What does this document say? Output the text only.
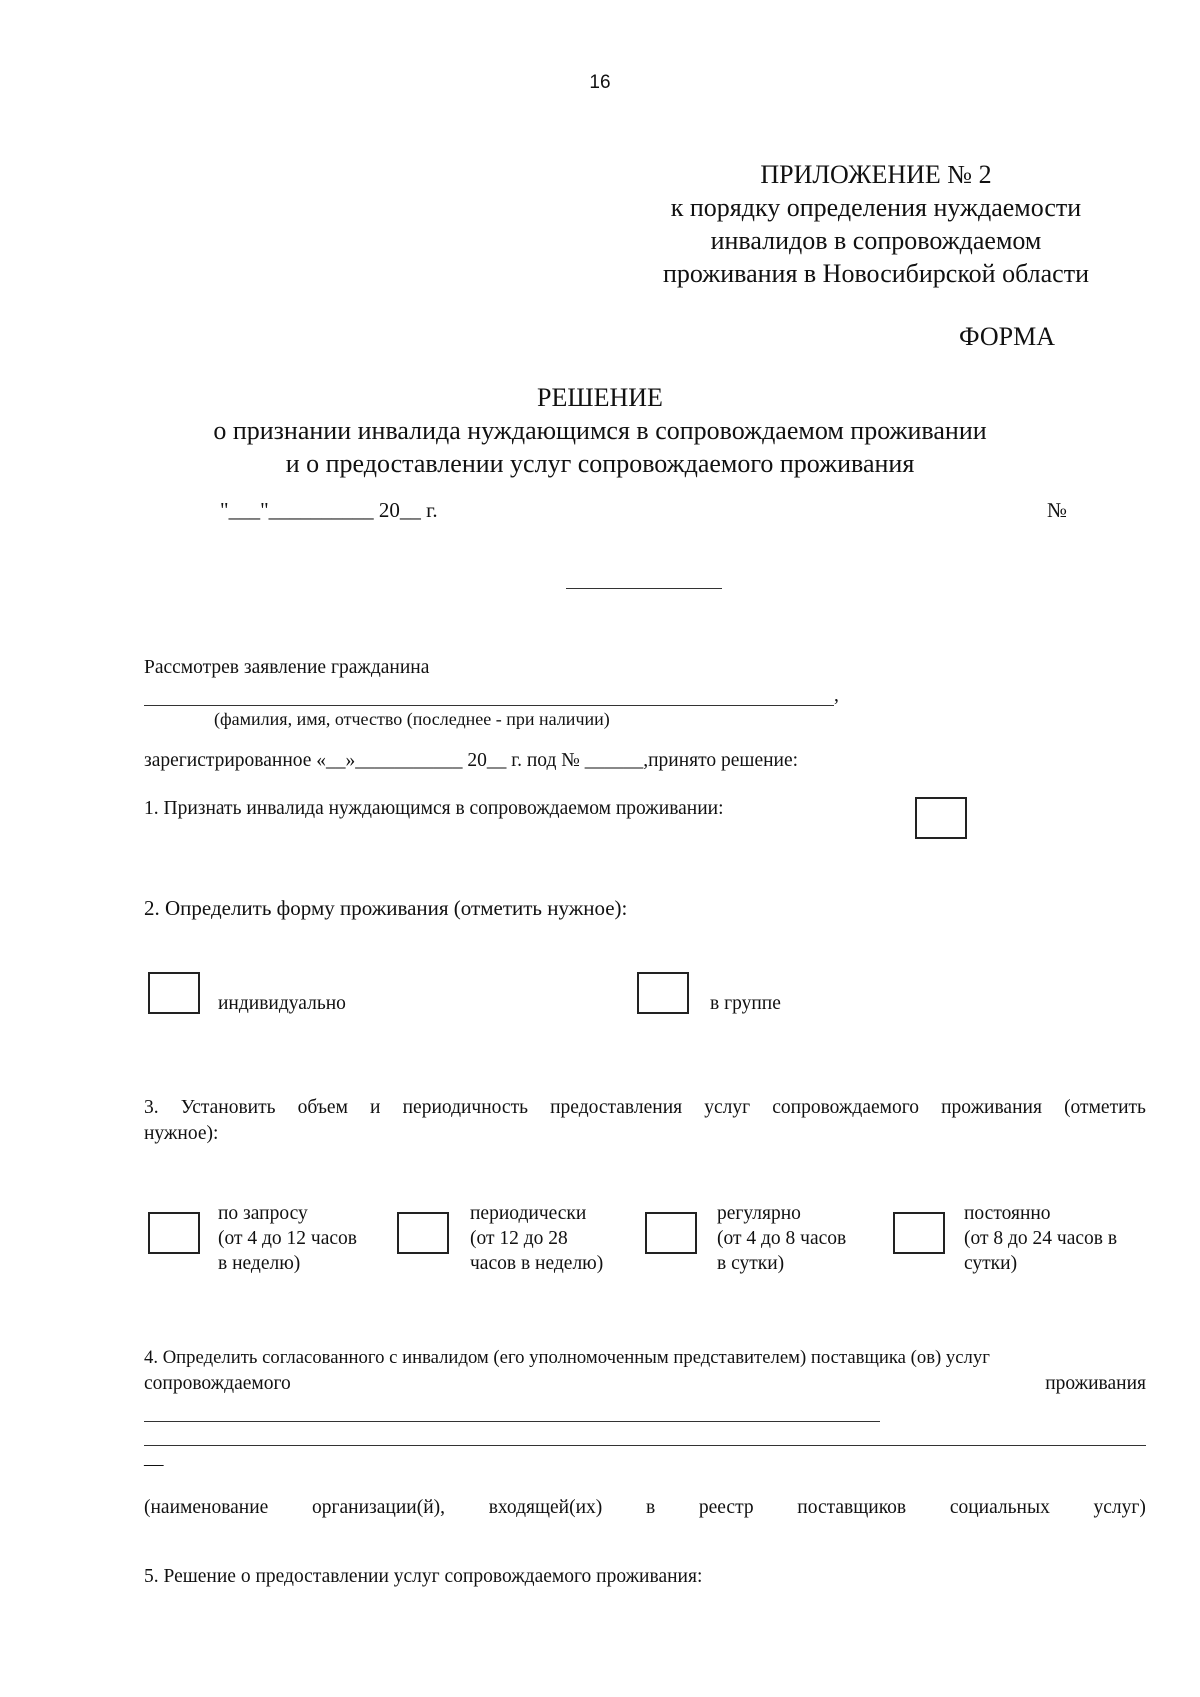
16
ПРИЛОЖЕНИЕ № 2
к порядку определения нуждаемости
инвалидов в сопровождаемом
проживания в Новосибирской области
ФОРМА
РЕШЕНИЕ
о признании инвалида нуждающимся в сопровождаемом проживании
и о предоставлении услуг сопровождаемого проживания
"___"__________ 20__ г.	№
Рассмотрев заявление гражданина
,
(фамилия, имя, отчество (последнее - при наличии)
зарегистрированное «__»___________ 20__ г. под № ______,принято решение:
1. Признать инвалида нуждающимся в сопровождаемом проживании:
2. Определить форму проживания (отметить нужное):
индивидуально	в группе
3. Установить объем и периодичность предоставления услуг сопровождаемого проживания (отметить
нужное):
по запросу
(от 4 до 12 часов
в неделю)
периодически
(от 12 до 28
часов в неделю)
регулярно
(от 4 до 8 часов
в сутки)
постоянно
(от 8 до 24 часов в
сутки)
4. Определить согласованного с инвалидом (его уполномоченным представителем) поставщика (ов) услуг
сопровождаемого	проживания
—
(наименование организации(й), входящей(их) в реестр поставщиков социальных услуг)
5. Решение о предоставлении услуг сопровождаемого проживания:
